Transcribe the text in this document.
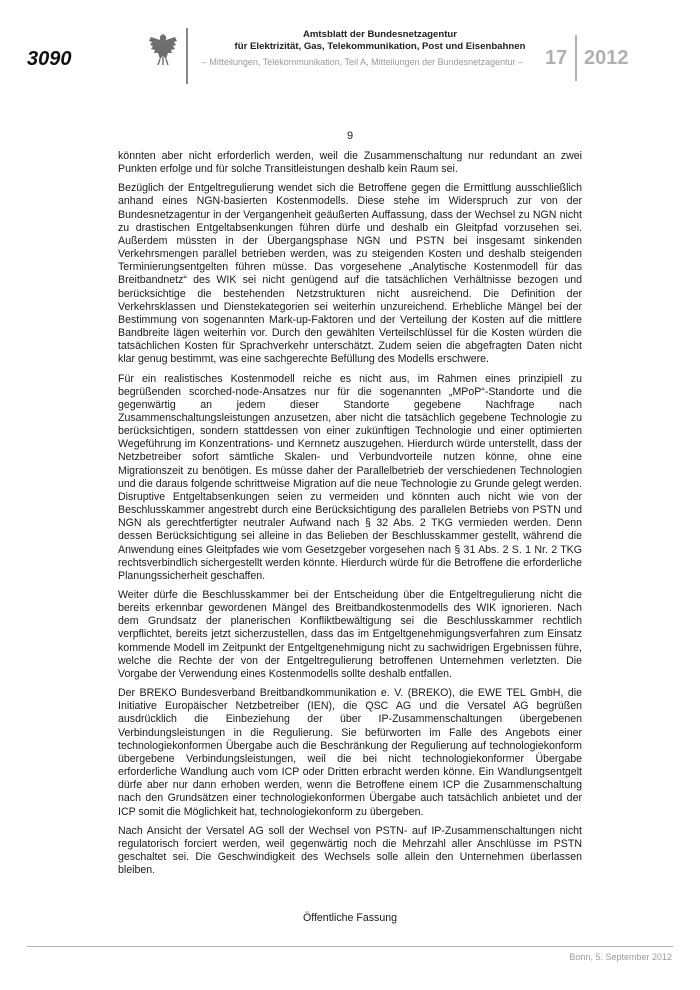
3090
Amtsblatt der Bundesnetzagentur
für Elektrizität, Gas, Telekommunikation, Post und Eisenbahnen
– Mitteilungen, Telekommunikation, Teil A, Mitteilungen der Bundesnetzagentur –	17 2012
9

könnten aber nicht erforderlich werden, weil die Zusammenschaltung nur redundant an zwei Punkten erfolge und für solche Transitleistungen deshalb kein Raum sei.

Bezüglich der Entgeltregulierung wendet sich die Betroffene gegen die Ermittlung ausschließlich anhand eines NGN-basierten Kostenmodells. Diese stehe im Widerspruch zur von der Bundesnetzagentur in der Vergangenheit geäußerten Auffassung, dass der Wechsel zu NGN nicht zu drastischen Entgeltabsenkungen führen dürfe und deshalb ein Gleitpfad vorzusehen sei. Außerdem müssten in der Übergangsphase NGN und PSTN bei insgesamt sinkenden Verkehrsmengen parallel betrieben werden, was zu steigenden Kosten und deshalb steigenden Terminierungsentgelten führen müsse. Das vorgesehene „Analytische Kostenmodell für das Breitbandnetz“ des WIK sei nicht genügend auf die tatsächlichen Verhältnisse bezogen und berücksichtige die bestehenden Netzstrukturen nicht ausreichend. Die Definition der Verkehrsklassen und Dienstekategorien sei weiterhin unzureichend. Erhebliche Mängel bei der Bestimmung von sogenannten Mark-up-Faktoren und der Verteilung der Kosten auf die mittlere Bandbreite lägen weiterhin vor. Durch den gewählten Verteilschlüssel für die Kosten würden die tatsächlichen Kosten für Sprachverkehr unterschätzt. Zudem seien die abgefragten Daten nicht klar genug bestimmt, was eine sachgerechte Befüllung des Modells erschwere.

Für ein realistisches Kostenmodell reiche es nicht aus, im Rahmen eines prinzipiell zu begrüßenden scorched-node-Ansatzes nur für die sogenannten „MPoP“-Standorte und die gegenwärtig an jedem dieser Standorte gegebene Nachfrage nach Zusammenschaltungsleistungen anzusetzen, aber nicht die tatsächlich gegebene Technologie zu berücksichtigen, sondern stattdessen von einer zukünftigen Technologie und einer optimierten Wegeführung im Konzentrations- und Kernnetz auszugehen. Hierdurch würde unterstellt, dass der Netzbetreiber sofort sämtliche Skalen- und Verbundvorteile nutzen könne, ohne eine Migrationszeit zu benötigen. Es müsse daher der Parallelbetrieb der verschiedenen Technologien und die daraus folgende schrittweise Migration auf die neue Technologie zu Grunde gelegt werden. Disruptive Entgeltabsenkungen seien zu vermeiden und könnten auch nicht wie von der Beschlusskammer angestrebt durch eine Berücksichtigung des parallelen Betriebs von PSTN und NGN als gerechtfertigter neutraler Aufwand nach § 32 Abs. 2 TKG vermieden werden. Denn dessen Berücksichtigung sei alleine in das Belieben der Beschlusskammer gestellt, während die Anwendung eines Gleitpfades wie vom Gesetzgeber vorgesehen nach § 31 Abs. 2 S. 1 Nr. 2 TKG rechtsverbindlich sichergestellt werden könnte. Hierdurch würde für die Betroffene die erforderliche Planungssicherheit geschaffen.

Weiter dürfe die Beschlusskammer bei der Entscheidung über die Entgeltregulierung nicht die bereits erkennbar gewordenen Mängel des Breitbandkostenmodells des WIK ignorieren. Nach dem Grundsatz der planerischen Konfliktbewältigung sei die Beschlusskammer rechtlich verpflichtet, bereits jetzt sicherzustellen, dass das im Entgeltgenehmigungsverfahren zum Einsatz kommende Modell im Zeitpunkt der Entgeltgenehmigung nicht zu sachwidrigen Ergebnissen führe, welche die Rechte der von der Entgeltregulierung betroffenen Unternehmen verletzten. Die Vorgabe der Verwendung eines Kostenmodells sollte deshalb entfallen.

Der BREKO Bundesverband Breitbandkommunikation e. V. (BREKO), die EWE TEL GmbH, die Initiative Europäischer Netzbetreiber (IEN), die QSC AG und die Versatel AG begrüßen ausdrücklich die Einbeziehung der über IP-Zusammenschaltungen übergebenen Verbindungsleistungen in die Regulierung. Sie befürworten im Falle des Angebots einer technologiekonformen Übergabe auch die Beschränkung der Regulierung auf technologiekonform übergebene Verbindungsleistungen, weil die bei nicht technologiekonformer Übergabe erforderliche Wandlung auch vom ICP oder Dritten erbracht werden könne. Ein Wandlungsentgelt dürfe aber nur dann erhoben werden, wenn die Betroffene einem ICP die Zusammenschaltung nach den Grundsätzen einer technologiekonformen Übergabe auch tatsächlich anbietet und der ICP somit die Möglichkeit hat, technologiekonform zu übergeben.

Nach Ansicht der Versatel AG soll der Wechsel von PSTN- auf IP-Zusammenschaltungen nicht regulatorisch forciert werden, weil gegenwärtig noch die Mehrzahl aller Anschlüsse im PSTN geschaltet sei. Die Geschwindigkeit des Wechsels solle allein den Unternehmen überlassen bleiben.

Öffentliche Fassung
Bonn, 5. September 2012
